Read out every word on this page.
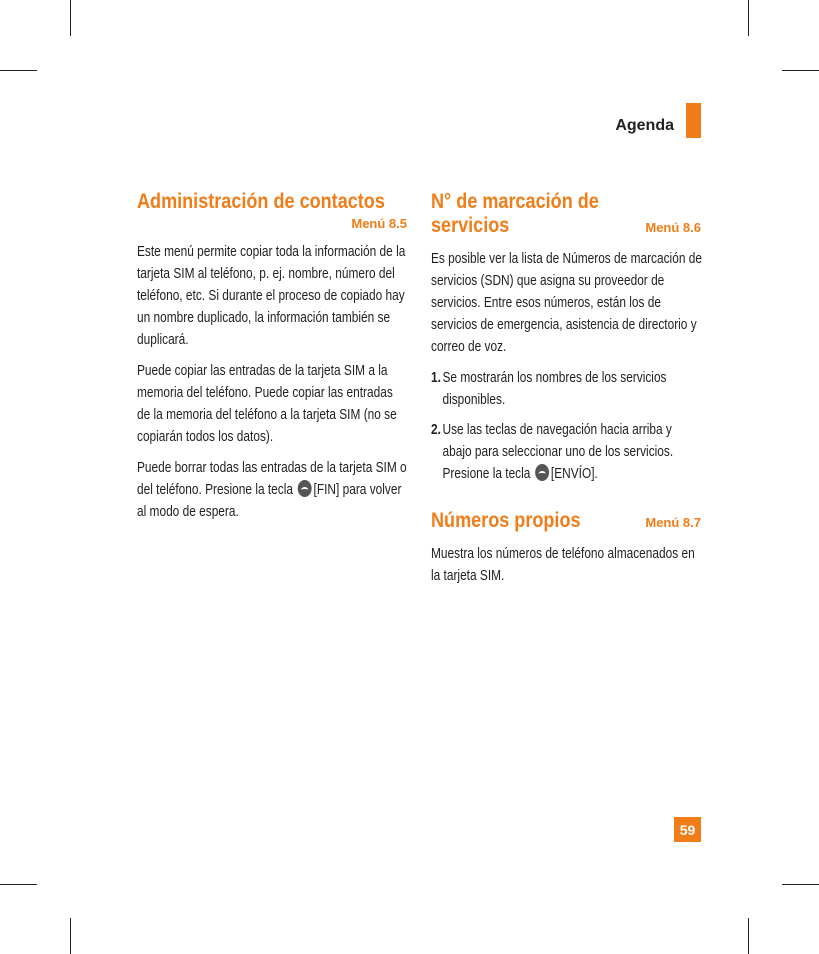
Agenda
Administración de contactos
Menú 8.5

Este menú permite copiar toda la información de la tarjeta SIM al teléfono, p. ej. nombre, número del teléfono, etc. Si durante el proceso de copiado hay un nombre duplicado, la información también se duplicará.

Puede copiar las entradas de la tarjeta SIM a la memoria del teléfono. Puede copiar las entradas de la memoria del teléfono a la tarjeta SIM (no se copiarán todos los datos).

Puede borrar todas las entradas de la tarjeta SIM o del teléfono. Presione la tecla [FIN] para volver al modo de espera.

N° de marcación de
servicios	Menú 8.6

Es posible ver la lista de Números de marcación de servicios (SDN) que asigna su proveedor de servicios. Entre esos números, están los de servicios de emergencia, asistencia de directorio y correo de voz.

1. Se mostrarán los nombres de los servicios disponibles.
2. Use las teclas de navegación hacia arriba y abajo para seleccionar uno de los servicios. Presione la tecla [ENVÍO].
Números propios	Menú 8.7

Muestra los números de teléfono almacenados en la tarjeta SIM.

59
